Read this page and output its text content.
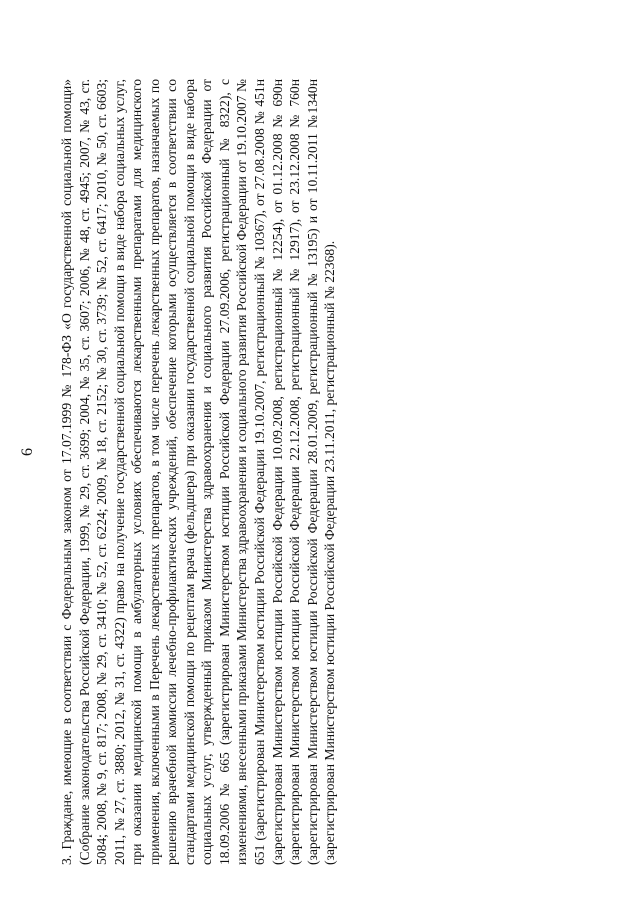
6 3. Граждане, имеющие в соответствии с Федеральным законом от 17.07.1999 № 178-ФЗ «О государственной социальной помощи» (Собрание законодательства Российской Федерации, 1999, № 29, ст. 3699; 2004, № 35, ст. 3607; 2006, № 48, ст. 4945; 2007, № 43, ст. 5084; 2008, № 9, ст. 817; 2008, № 29, ст. 3410; № 52, ст. 6224; 2009, № 18, ст. 2152; № 30, ст. 3739; № 52, ст. 6417; 2010, № 50, ст. 6603; 2011, № 27, ст. 3880; 2012, № 31, ст. 4322) право на получение государственной социальной помощи в виде набора социальных услуг, при оказании медицинской помощи в амбулаторных условиях обеспечиваются лекарственными препаратами для медицинского применения, включенными в Перечень лекарственных препаратов, в том числе перечень лекарственных препаратов, назначаемых по решению врачебной комиссии лечебно-профилактических учреждений, обеспечение которыми осуществляется в соответствии со стандартами медицинской помощи по рецептам врача (фельдшера) при оказании государственной социальной помощи в виде набора социальных услуг, утвержденный приказом Министерства здравоохранения и социального развития Российской Федерации от 18.09.2006 № 665 (зарегистрирован Министерством юстиции Российской Федерации 27.09.2006, регистрационный № 8322), с изменениями, внесенными приказами Министерства здравоохранения и социального развития Российской Федерации от 19.10.2007 № 651 (зарегистрирован Министерством юстиции Российской Федерации 19.10.2007, регистрационный № 10367), от 27.08.2008 № 451н (зарегистрирован Министерством юстиции Российской Федерации 10.09.2008, регистрационный № 12254), от 01.12.2008 № 690н (зарегистрирован Министерством юстиции Российской Федерации 22.12.2008, регистрационный № 12917), от 23.12.2008 № 760н (зарегистрирован Министерством юстиции Российской Федерации 28.01.2009, регистрационный № 13195) и от 10.11.2011 №1340н (зарегистрирован Министерством юстиции Российской Федерации 23.11.2011, регистрационный № 22368).
